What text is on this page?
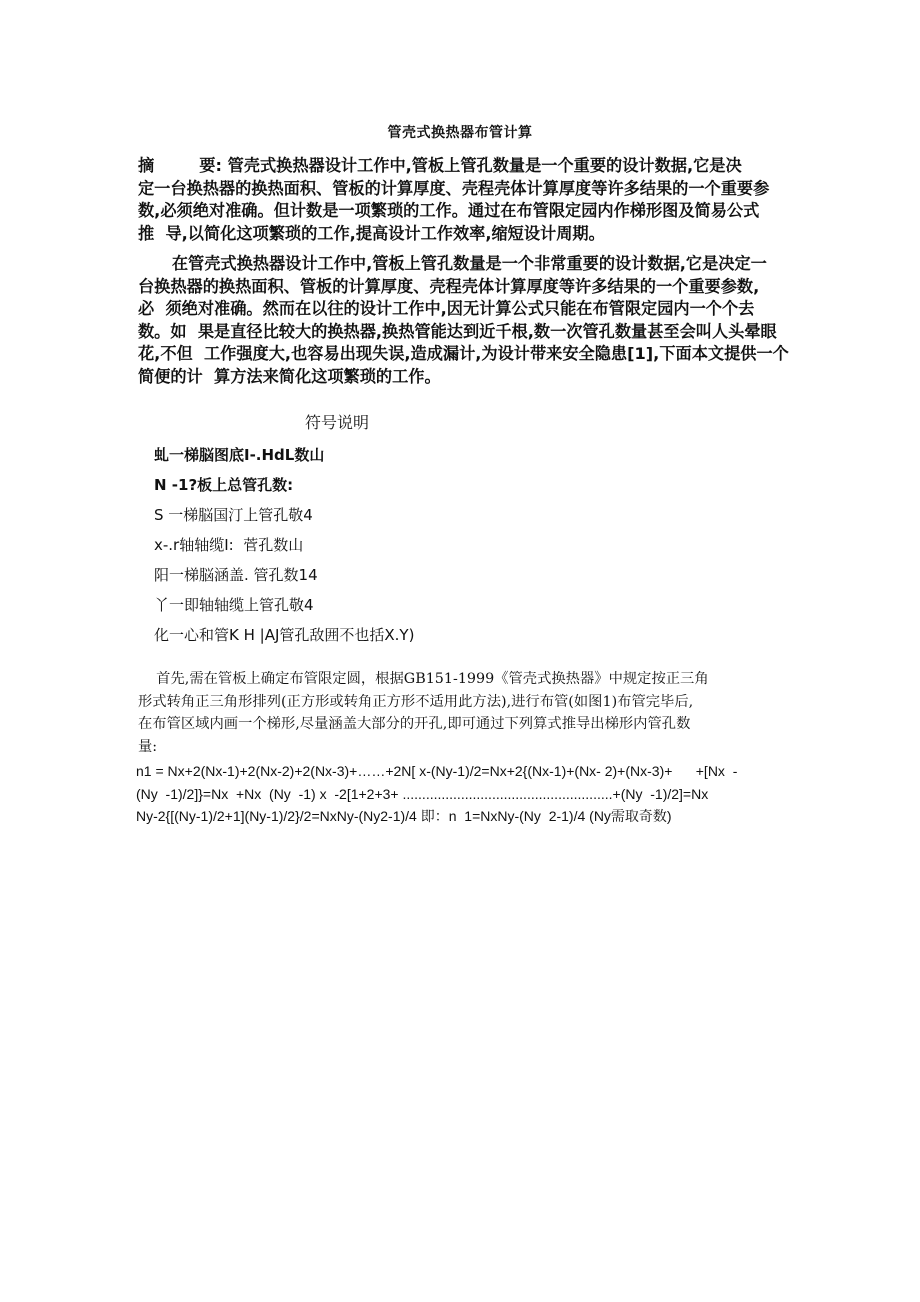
管壳式换热器布管计算
摘        要: 管壳式换热器设计工作中,管板上管孔数量是一个重要的设计数据,它是决
定一台换热器的换热面积、管板的计算厚度、壳程壳体计算厚度等许多结果的一个重要参
数,必须绝对准确。但计数是一项繁琐的工作。通过在布管限定园内作梯形图及简易公式
推  导,以简化这项繁琐的工作,提高设计工作效率,缩短设计周期。
在管壳式换热器设计工作中,管板上管孔数量是一个非常重要的设计数据,它是决定一
台换热器的换热面积、管板的计算厚度、壳程壳体计算厚度等许多结果的一个重要参数,
必  须绝对准确。然而在以往的设计工作中,因无计算公式只能在布管限定园内一个个去
数。如  果是直径比较大的换热器,换热管能达到近千根,数一次管孔数量甚至会叫人头晕眼
花,不但  工作强度大,也容易出现失误,造成漏计,为设计带来安全隐患[1],下面本文提供一个
简便的计  算方法来简化这项繁琐的工作。
符号说明
虬一梯脳图底I-.HdL数山
N -1?板上总管孔数:
S 一梯脳国汀上管孔敬4
x-.r轴轴缆I:  菅孔数山
阳一梯脳涵盖. 管孔数14
丫一即轴轴缆上管孔敬4
化一心和管K H |AJ管孔敌囲不也括X.Y)
首先,需在管板上确定布管限定圆，根据GB151-1999《管壳式换热器》中规定按正三角
形式转角正三角形排列(正方形或转角正方形不适用此方法),进行布管(如图1)布管完毕后,
在布管区域内画一个梯形,尽量涵盖大部分的开孔,即可通过下列算式推导出梯形内管孔数
量:
n1 = Nx+2(Nx-1)+2(Nx-2)+2(Nx-3)+……+2N[ x-(Ny-1)/2=Nx+2{(Nx-1)+(Nx- 2)+(Nx-3)+      +[Nx  -
(Ny  -1)/2]}=Nx  +Nx  (Ny  -1) x  -2[1+2+3+ ......................................................+(Ny  -1)/2]=Nx
Ny-2{[(Ny-1)/2+1](Ny-1)/2}/2=NxNy-(Ny2-1)/4 即：n  1=NxNy-(Ny  2-1)/4 (Ny需取奇数)
